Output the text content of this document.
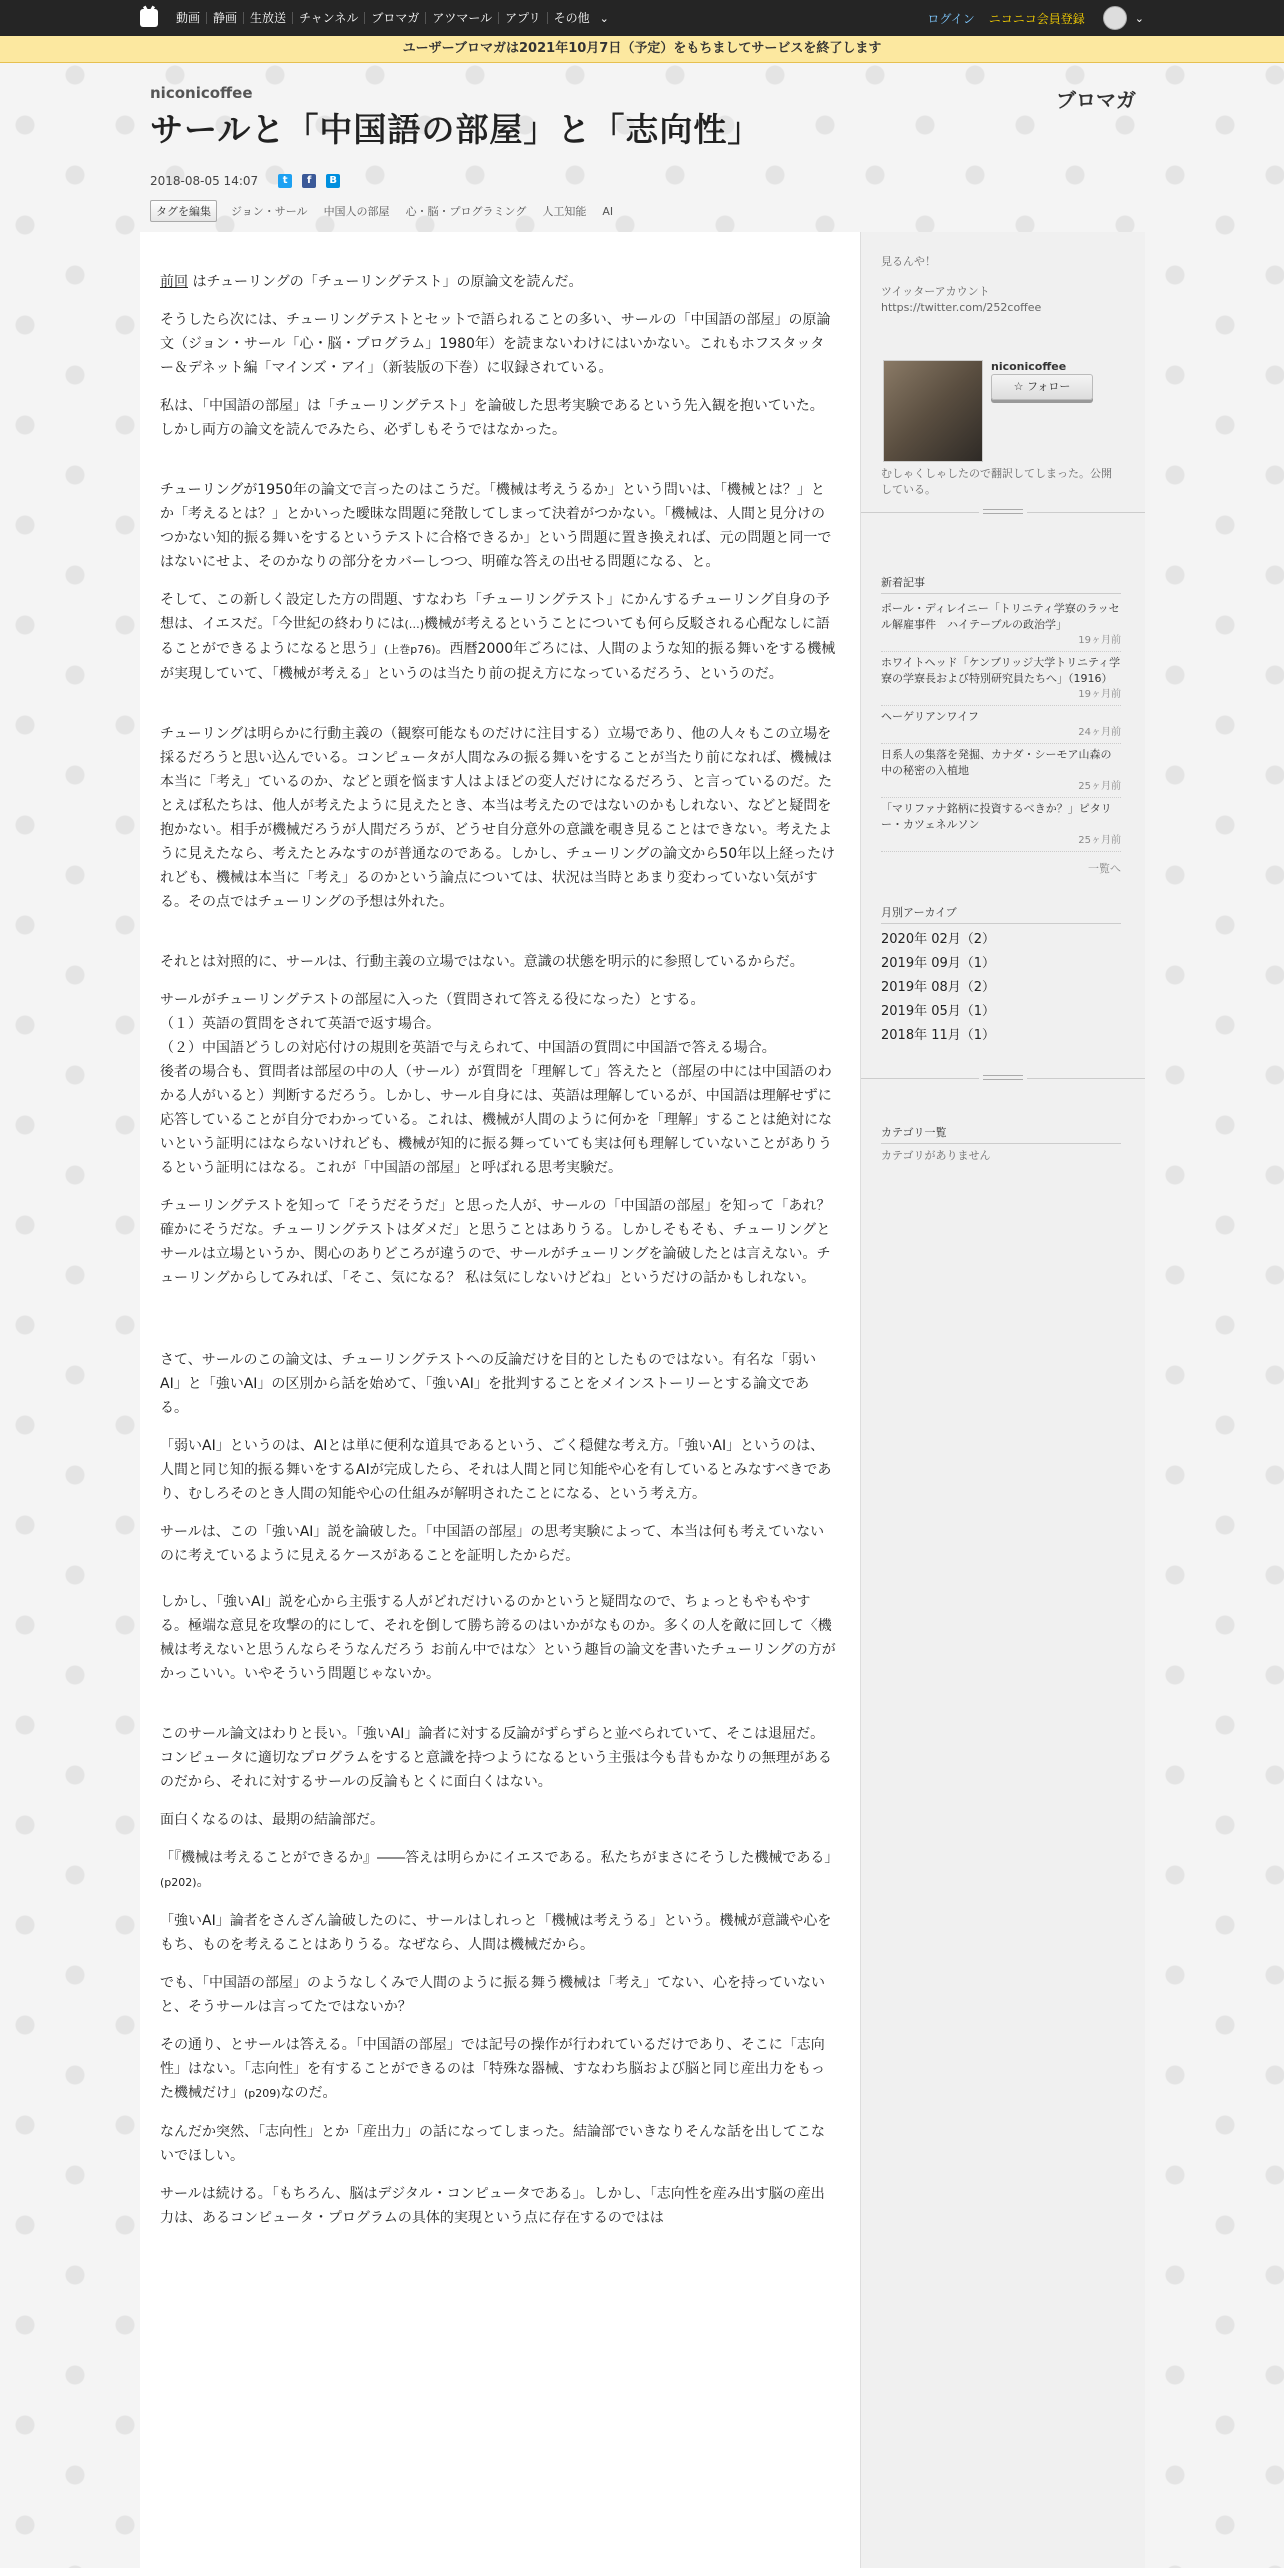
動画	静画	生放送	チャンネル	ブロマガ	アツマール	アプリ	その他 ⌄	ログイン ニコニコ会員登録	⌄
ユーザーブロマガは2021年10月7日（予定）をもちましてサービスを終了します
niconicoffee
サールと「中国語の部屋」と「志向性」
ブロマガ
2018-08-05 14:07	t	f	B
タグを編集	ジョン・サール 中国人の部屋 心・脳・プログラミング 人工知能 AI

前回 はチューリングの「チューリングテスト」の原論文を読んだ。

そうしたら次には、チューリングテストとセットで語られることの多い、サールの「中国語の部屋」の原論文（ジョン・サール「心・脳・プログラム」1980年）を読まないわけにはいかない。これもホフスタッター＆デネット編「マインズ・アイ」（新装版の下巻）に収録されている。

私は、「中国語の部屋」は「チューリングテスト」を論破した思考実験であるという先入観を抱いていた。しかし両方の論文を読んでみたら、必ずしもそうではなかった。

チューリングが1950年の論文で言ったのはこうだ。「機械は考えうるか」という問いは、「機械とは？」とか「考えるとは？」とかいった曖昧な問題に発散してしまって決着がつかない。「機械は、人間と見分けのつかない知的振る舞いをするというテストに合格できるか」という問題に置き換えれば、元の問題と同一ではないにせよ、そのかなりの部分をカバーしつつ、明確な答えの出せる問題になる、と。

そして、この新しく設定した方の問題、すなわち「チューリングテスト」にかんするチューリング自身の予想は、イエスだ。「今世紀の終わりには(…)機械が考えるということについても何ら反駁される心配なしに語ることができるようになると思う」(上巻p76)。西暦2000年ごろには、人間のような知的振る舞いをする機械が実現していて、「機械が考える」というのは当たり前の捉え方になっているだろう、というのだ。

チューリングは明らかに行動主義の（観察可能なものだけに注目する）立場であり、他の人々もこの立場を採るだろうと思い込んでいる。コンピュータが人間なみの振る舞いをすることが当たり前になれば、機械は本当に「考え」ているのか、などと頭を悩ます人はよほどの変人だけになるだろう、と言っているのだ。たとえば私たちは、他人が考えたように見えたとき、本当は考えたのではないのかもしれない、などと疑問を抱かない。相手が機械だろうが人間だろうが、どうせ自分意外の意識を覗き見ることはできない。考えたように見えたなら、考えたとみなすのが普通なのである。しかし、チューリングの論文から50年以上経ったけれども、機械は本当に「考え」るのかという論点については、状況は当時とあまり変わっていない気がする。その点ではチューリングの予想は外れた。

それとは対照的に、サールは、行動主義の立場ではない。意識の状態を明示的に参照しているからだ。

サールがチューリングテストの部屋に入った（質問されて答える役になった）とする。
（１）英語の質問をされて英語で返す場合。
（２）中国語どうしの対応付けの規則を英語で与えられて、中国語の質問に中国語で答える場合。
後者の場合も、質問者は部屋の中の人（サール）が質問を「理解して」答えたと（部屋の中には中国語のわかる人がいると）判断するだろう。しかし、サール自身には、英語は理解しているが、中国語は理解せずに応答していることが自分でわかっている。これは、機械が人間のように何かを「理解」することは絶対にないという証明にはならないけれども、機械が知的に振る舞っていても実は何も理解していないことがありうるという証明にはなる。これが「中国語の部屋」と呼ばれる思考実験だ。

チューリングテストを知って「そうだそうだ」と思った人が、サールの「中国語の部屋」を知って「あれ？確かにそうだな。チューリングテストはダメだ」と思うことはありうる。しかしそもそも、チューリングとサールは立場というか、関心のありどころが違うので、サールがチューリングを論破したとは言えない。チューリングからしてみれば、「そこ、気になる？ 私は気にしないけどね」というだけの話かもしれない。

さて、サールのこの論文は、チューリングテストへの反論だけを目的としたものではない。有名な「弱いAI」と「強いAI」の区別から話を始めて、「強いAI」を批判することをメインストーリーとする論文である。

「弱いAI」というのは、AIとは単に便利な道具であるという、ごく穏健な考え方。「強いAI」というのは、人間と同じ知的振る舞いをするAIが完成したら、それは人間と同じ知能や心を有しているとみなすべきであり、むしろそのとき人間の知能や心の仕組みが解明されたことになる、という考え方。

サールは、この「強いAI」説を論破した。「中国語の部屋」の思考実験によって、本当は何も考えていないのに考えているように見えるケースがあることを証明したからだ。

しかし、「強いAI」説を心から主張する人がどれだけいるのかというと疑問なので、ちょっともやもやする。極端な意見を攻撃の的にして、それを倒して勝ち誇るのはいかがなものか。多くの人を敵に回して〈機械は考えないと思うんならそうなんだろう お前ん中ではな〉という趣旨の論文を書いたチューリングの方がかっこいい。いやそういう問題じゃないか。

このサール論文はわりと長い。「強いAI」論者に対する反論がずらずらと並べられていて、そこは退屈だ。コンピュータに適切なプログラムをすると意識を持つようになるという主張は今も昔もかなりの無理があるのだから、それに対するサールの反論もとくに面白くはない。

面白くなるのは、最期の結論部だ。

「『機械は考えることができるか』――答えは明らかにイエスである。私たちがまさにそうした機械である」(p202)。

「強いAI」論者をさんざん論破したのに、サールはしれっと「機械は考えうる」という。機械が意識や心をもち、ものを考えることはありうる。なぜなら、人間は機械だから。

でも、「中国語の部屋」のようなしくみで人間のように振る舞う機械は「考え」てない、心を持っていないと、そうサールは言ってたではないか？

その通り、とサールは答える。「中国語の部屋」では記号の操作が行われているだけであり、そこに「志向性」はない。「志向性」を有することができるのは「特殊な器械、すなわち脳および脳と同じ産出力をもった機械だけ」(p209)なのだ。

なんだか突然、「志向性」とか「産出力」の話になってしまった。結論部でいきなりそんな話を出してこないでほしい。

サールは続ける。「もちろん、脳はデジタル・コンピュータである」。しかし、「志向性を産み出す脳の産出力は、あるコンピュータ・プログラムの具体的実現という点に存在するのではは

見るんや！
ツイッターアカウント https://twitter.com/252coffee
niconicoffee
☆ フォロー
むしゃくしゃしたので翻訳してしまった。公開している。
新着記事
ポール・ディレイニー「トリニティ学寮のラッセル解雇事件　ハイテーブルの政治学」
19ヶ月前
ホワイトヘッド「ケンブリッジ大学トリニティ学寮の学寮長および特別研究員たちへ」（1916）
19ヶ月前
ヘーゲリアンワイフ
24ヶ月前
日系人の集落を発掘、カナダ・シーモア山森の中の秘密の入植地
25ヶ月前
「マリファナ銘柄に投資するべきか？」ピタリー・カツェネルソン
25ヶ月前
一覧へ
月別アーカイブ
2020年 02月（2）
2019年 09月（1）
2019年 08月（2）
2019年 05月（1）
2018年 11月（1）
カテゴリ一覧
カテゴリがありません
